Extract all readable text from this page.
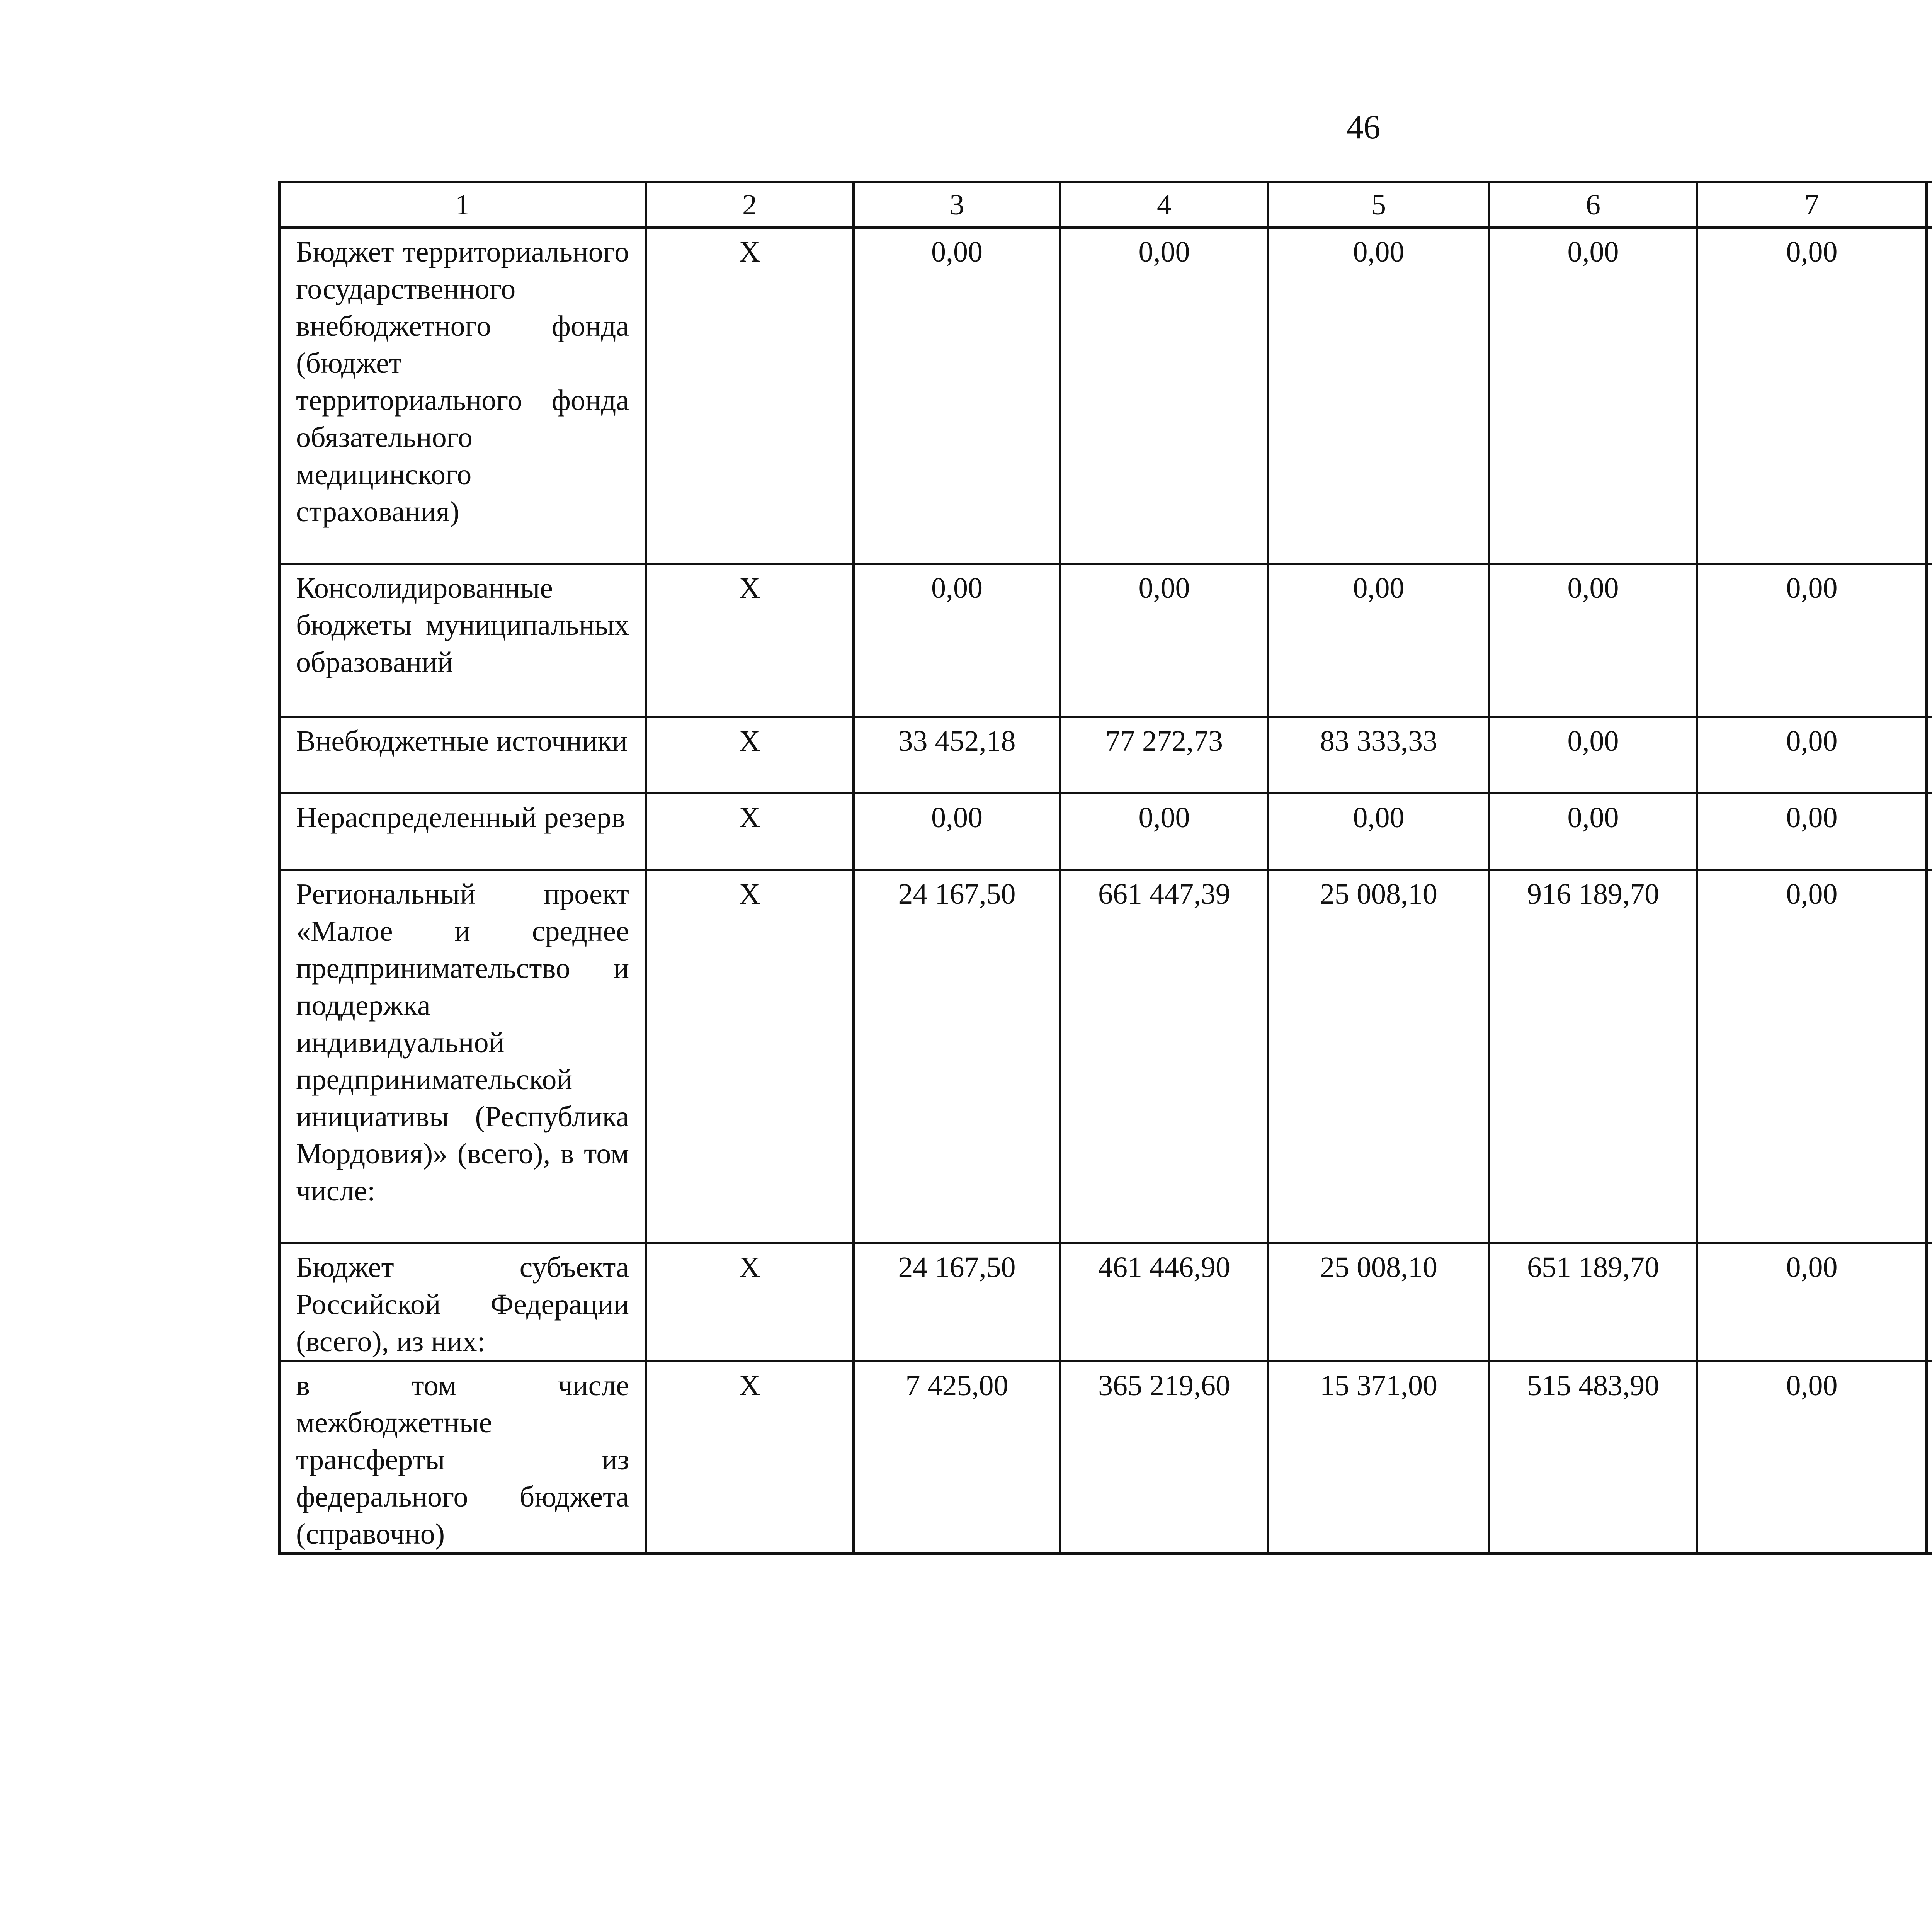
46
1	2	3	4	5	6	7		
Бюджет территориального государственного внебюджетного фонда (бюджет территориального фонда обязательного медицинского страхования)	X	0,00	0,00	0,00	0,00	0,00		
Консолидированные бюджеты муниципальных образований	X	0,00	0,00	0,00	0,00	0,00		
Внебюджетные источники	X	33 452,18	77 272,73	83 333,33	0,00	0,00		
Нераспределенный резерв	X	0,00	0,00	0,00	0,00	0,00		
Региональный проект «Малое и среднее предпринимательство и поддержка индивидуальной предпринимательской инициативы (Республика Мордовия)» (всего), в том числе:	X	24 167,50	661 447,39	25 008,10	916 189,70	0,00		
Бюджет субъекта Российской Федерации (всего), из них:	X	24 167,50	461 446,90	25 008,10	651 189,70	0,00		
в том числе межбюджетные трансферты из федерального бюджета (справочно)	X	7 425,00	365 219,60	15 371,00	515 483,90	0,00		
